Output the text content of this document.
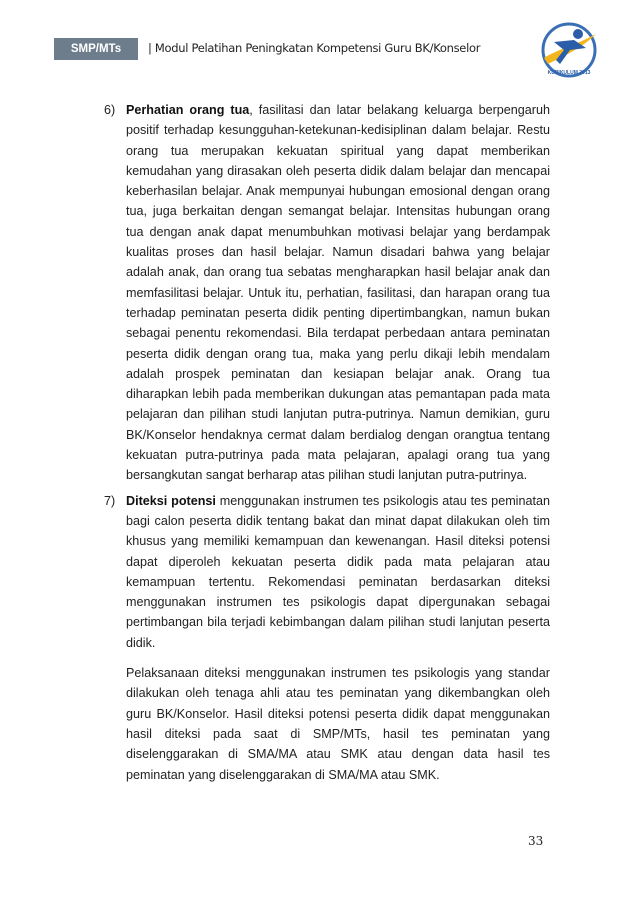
SMP/MTs	| Modul Pelatihan Peningkatan Kompetensi Guru BK/Konselor
KURIKULUM 2013
6) Perhatian orang tua, fasilitasi dan latar belakang keluarga berpengaruh positif terhadap kesungguhan-ketekunan-kedisiplinan dalam belajar. Restu orang tua merupakan kekuatan spiritual yang dapat memberikan kemudahan yang dirasakan oleh peserta didik dalam belajar dan mencapai keberhasilan belajar. Anak mempunyai hubungan emosional dengan orang tua, juga berkaitan dengan semangat belajar. Intensitas hubungan orang tua dengan anak dapat menumbuhkan motivasi belajar yang berdampak kualitas proses dan hasil belajar. Namun disadari bahwa yang belajar adalah anak, dan orang tua sebatas mengharapkan hasil belajar anak dan memfasilitasi belajar. Untuk itu, perhatian, fasilitasi, dan harapan orang tua terhadap peminatan peserta didik penting dipertimbangkan, namun bukan sebagai penentu rekomendasi. Bila terdapat perbedaan antara peminatan peserta didik dengan orang tua, maka yang perlu dikaji lebih mendalam adalah prospek peminatan dan kesiapan belajar anak. Orang tua diharapkan lebih pada memberikan dukungan atas pemantapan pada mata pelajaran dan pilihan studi lanjutan putra-putrinya. Namun demikian, guru BK/Konselor hendaknya cermat dalam berdialog dengan orangtua tentang kekuatan putra-putrinya pada mata pelajaran, apalagi orang tua yang bersangkutan sangat berharap atas pilihan studi lanjutan putra-putrinya.

7) Diteksi potensi menggunakan instrumen tes psikologis atau tes peminatan bagi calon peserta didik tentang bakat dan minat dapat dilakukan oleh tim khusus yang memiliki kemampuan dan kewenangan. Hasil diteksi potensi dapat diperoleh kekuatan peserta didik pada mata pelajaran atau kemampuan tertentu. Rekomendasi peminatan berdasarkan diteksi menggunakan instrumen tes psikologis dapat dipergunakan sebagai pertimbangan bila terjadi kebimbangan dalam pilihan studi lanjutan peserta didik.

Pelaksanaan diteksi menggunakan instrumen tes psikologis yang standar dilakukan oleh tenaga ahli atau tes peminatan yang dikembangkan oleh guru BK/Konselor. Hasil diteksi potensi peserta didik dapat menggunakan hasil diteksi pada saat di SMP/MTs, hasil tes peminatan yang diselenggarakan di SMA/MA atau SMK atau dengan data hasil tes peminatan yang diselenggarakan di SMA/MA atau SMK.

33
